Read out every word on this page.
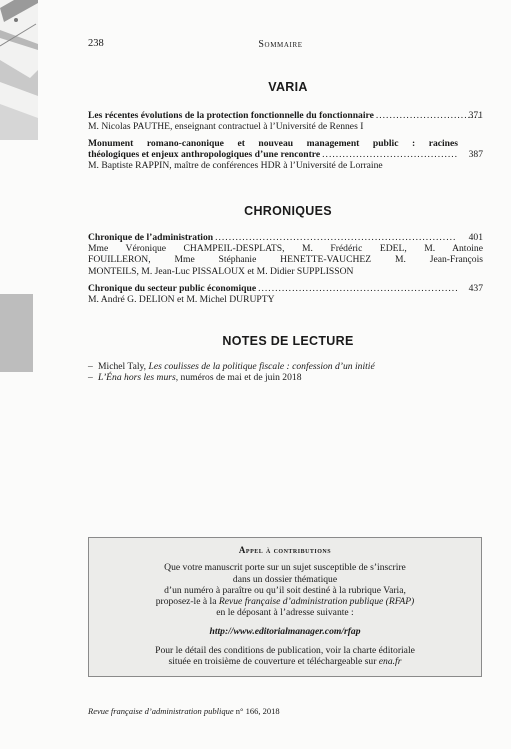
238	Sommaire
VARIA
Les récentes évolutions de la protection fonctionnelle du fonctionnaire .....	371
M. Nicolas PAUTHE, enseignant contractuel à l’Université de Rennes I
Monument romano-canonique et nouveau management public : racines
théologiques et enjeux anthropologiques d’une rencontre .....	387
M. Baptiste RAPPIN, maître de conférences HDR à l’Université de Lorraine
CHRONIQUES
Chronique de l’administration .....	401
Mme Véronique CHAMPEIL-DESPLATS, M. Frédéric EDEL, M. Antoine
FOUILLERON, Mme Stéphanie HENETTE-VAUCHEZ M. Jean-François
MONTEILS, M. Jean-Luc PISSALOUX et M. Didier SUPPLISSON
Chronique du secteur public économique .....	437
M. André G. DELION et M. Michel DURUPTY
NOTES DE LECTURE
– Michel Taly, Les coulisses de la politique fiscale : confession d’un initié
– L’Éna hors les murs, numéros de mai et de juin 2018
Appel à contributions
Que votre manuscrit porte sur un sujet susceptible de s’inscrire
dans un dossier thématique
d’un numéro à paraître ou qu’il soit destiné à la rubrique Varia,
proposez-le à la Revue française d’administration publique (RFAP)
en le déposant à l’adresse suivante :
http://www.editorialmanager.com/rfap
Pour le détail des conditions de publication, voir la charte éditoriale
située en troisième de couverture et téléchargeable sur ena.fr
Revue française d’administration publique n° 166, 2018
